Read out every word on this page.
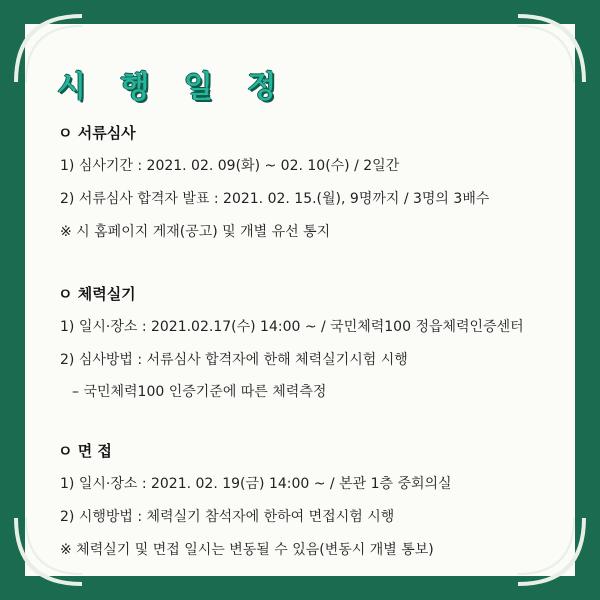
시 행 일 정
ㅇ 서류심사
1) 심사기간 : 2021. 02. 09(화) ~ 02. 10(수) / 2일간
2) 서류심사 합격자 발표 : 2021. 02. 15.(월), 9명까지 / 3명의 3배수
※ 시 홈페이지 게재(공고) 및 개별 유선 통지
ㅇ 체력실기
1) 일시·장소 : 2021.02.17(수) 14:00 ~ / 국민체력100 정읍체력인증센터
2) 심사방법 : 서류심사 합격자에 한해 체력실기시험 시행
– 국민체력100 인증기준에 따른 체력측정
ㅇ 면 접
1) 일시·장소 : 2021. 02. 19(금) 14:00 ~ / 본관 1층 중회의실
2) 시행방법 : 체력실기 참석자에 한하여 면접시험 시행
※ 체력실기 및 면접 일시는 변동될 수 있음(변동시 개별 통보)
